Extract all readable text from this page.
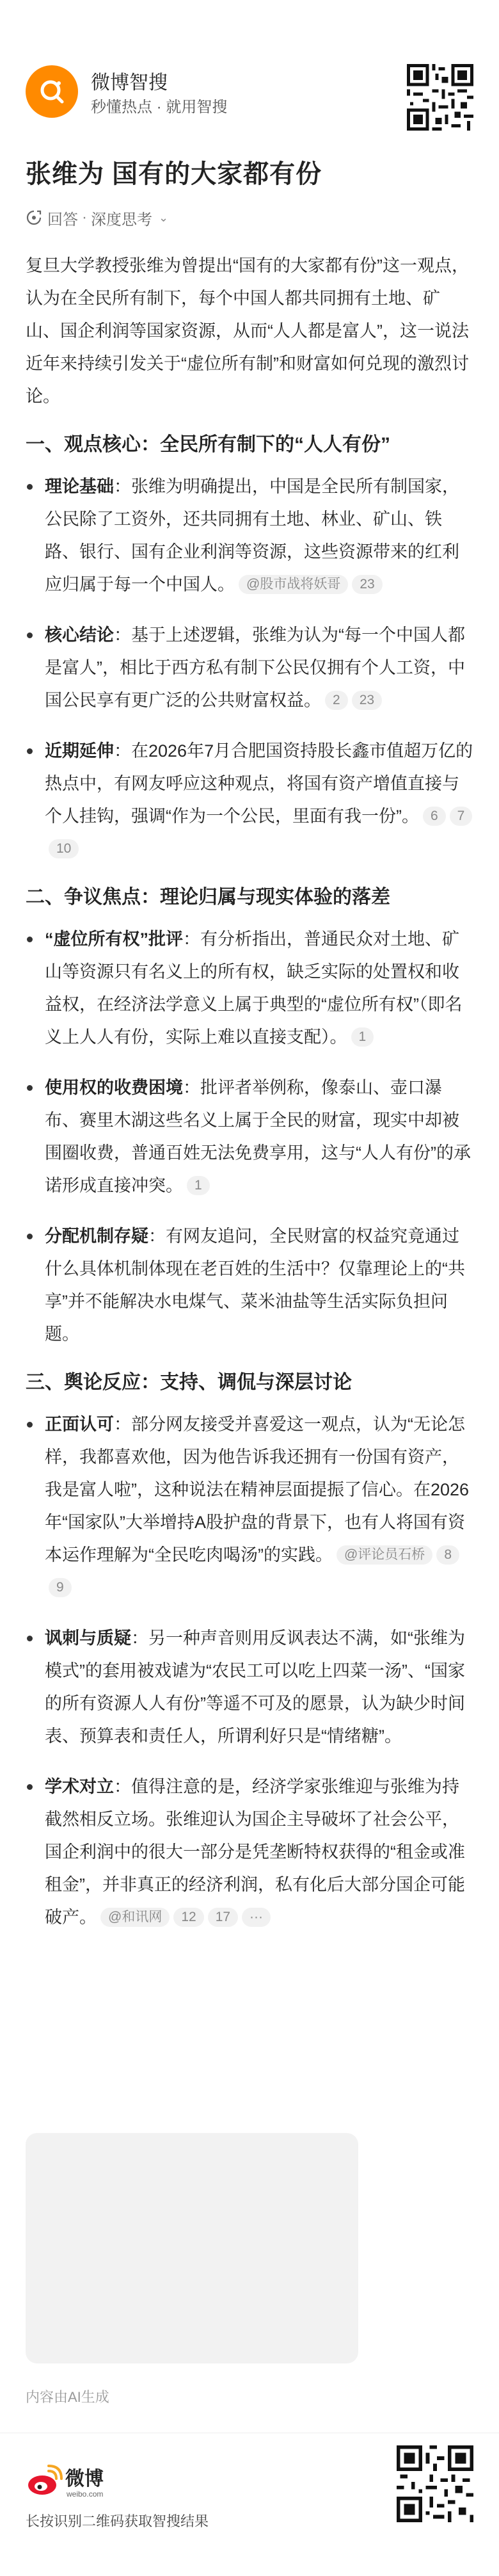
微博智搜
秒懂热点 · 就用智搜
张维为 国有的大家都有份
回答 · 深度思考 ⌄

复旦大学教授张维为曾提出“国有的大家都有份”这一观点，认为在全民所有制下，每个中国人都共同拥有土地、矿山、国企利润等国家资源，从而“人人都是富人”，这一说法近年来持续引发关于“虚位所有制”和财富如何兑现的激烈讨论。

一、观点核心：全民所有制下的“人人有份”
理论基础：张维为明确提出，中国是全民所有制国家，公民除了工资外，还共同拥有土地、林业、矿山、铁路、银行、国有企业利润等资源，这些资源带来的红利应归属于每一个中国人。 @股市战将妖哥 23
核心结论：基于上述逻辑，张维为认为“每一个中国人都是富人”，相比于西方私有制下公民仅拥有个人工资，中国公民享有更广泛的公共财富权益。 2 23
近期延伸：在2026年7月合肥国资持股长鑫市值超万亿的热点中，有网友呼应这种观点，将国有资产增值直接与个人挂钩，强调“作为一个公民，里面有我一份”。 6 710
二、争议焦点：理论归属与现实体验的落差
“虚位所有权”批评：有分析指出，普通民众对土地、矿山等资源只有名义上的所有权，缺乏实际的处置权和收益权，在经济法学意义上属于典型的“虚位所有权”（即名义上人人有份，实际上难以直接支配）。 1
使用权的收费困境：批评者举例称，像泰山、壶口瀑布、赛里木湖这些名义上属于全民的财富，现实中却被围圈收费，普通百姓无法免费享用，这与“人人有份”的承诺形成直接冲突。 1
分配机制存疑：有网友追问，全民财富的权益究竟通过什么具体机制体现在老百姓的生活中？仅靠理论上的“共享”并不能解决水电煤气、菜米油盐等生活实际负担问题。
三、舆论反应：支持、调侃与深层讨论
正面认可：部分网友接受并喜爱这一观点，认为“无论怎样，我都喜欢他，因为他告诉我还拥有一份国有资产，我是富人啦”，这种说法在精神层面提振了信心。在2026年“国家队”大举增持A股护盘的背景下，也有人将国有资本运作理解为“全民吃肉喝汤”的实践。 @评论员石桥 89
讽刺与质疑：另一种声音则用反讽表达不满，如“张维为模式”的套用被戏谑为“农民工可以吃上四菜一汤”、“国家的所有资源人人有份”等遥不可及的愿景，认为缺少时间表、预算表和责任人，所谓利好只是“情绪糖”。
学术对立：值得注意的是，经济学家张维迎与张维为持截然相反立场。张维迎认为国企主导破坏了社会公平，国企利润中的很大一部分是凭垄断特权获得的“租金或准租金”，并非真正的经济利润，私有化后大部分国企可能破产。 @和讯网 12 17 ···
内容由AI生成
微博
weibo.com
长按识别二维码获取智搜结果
